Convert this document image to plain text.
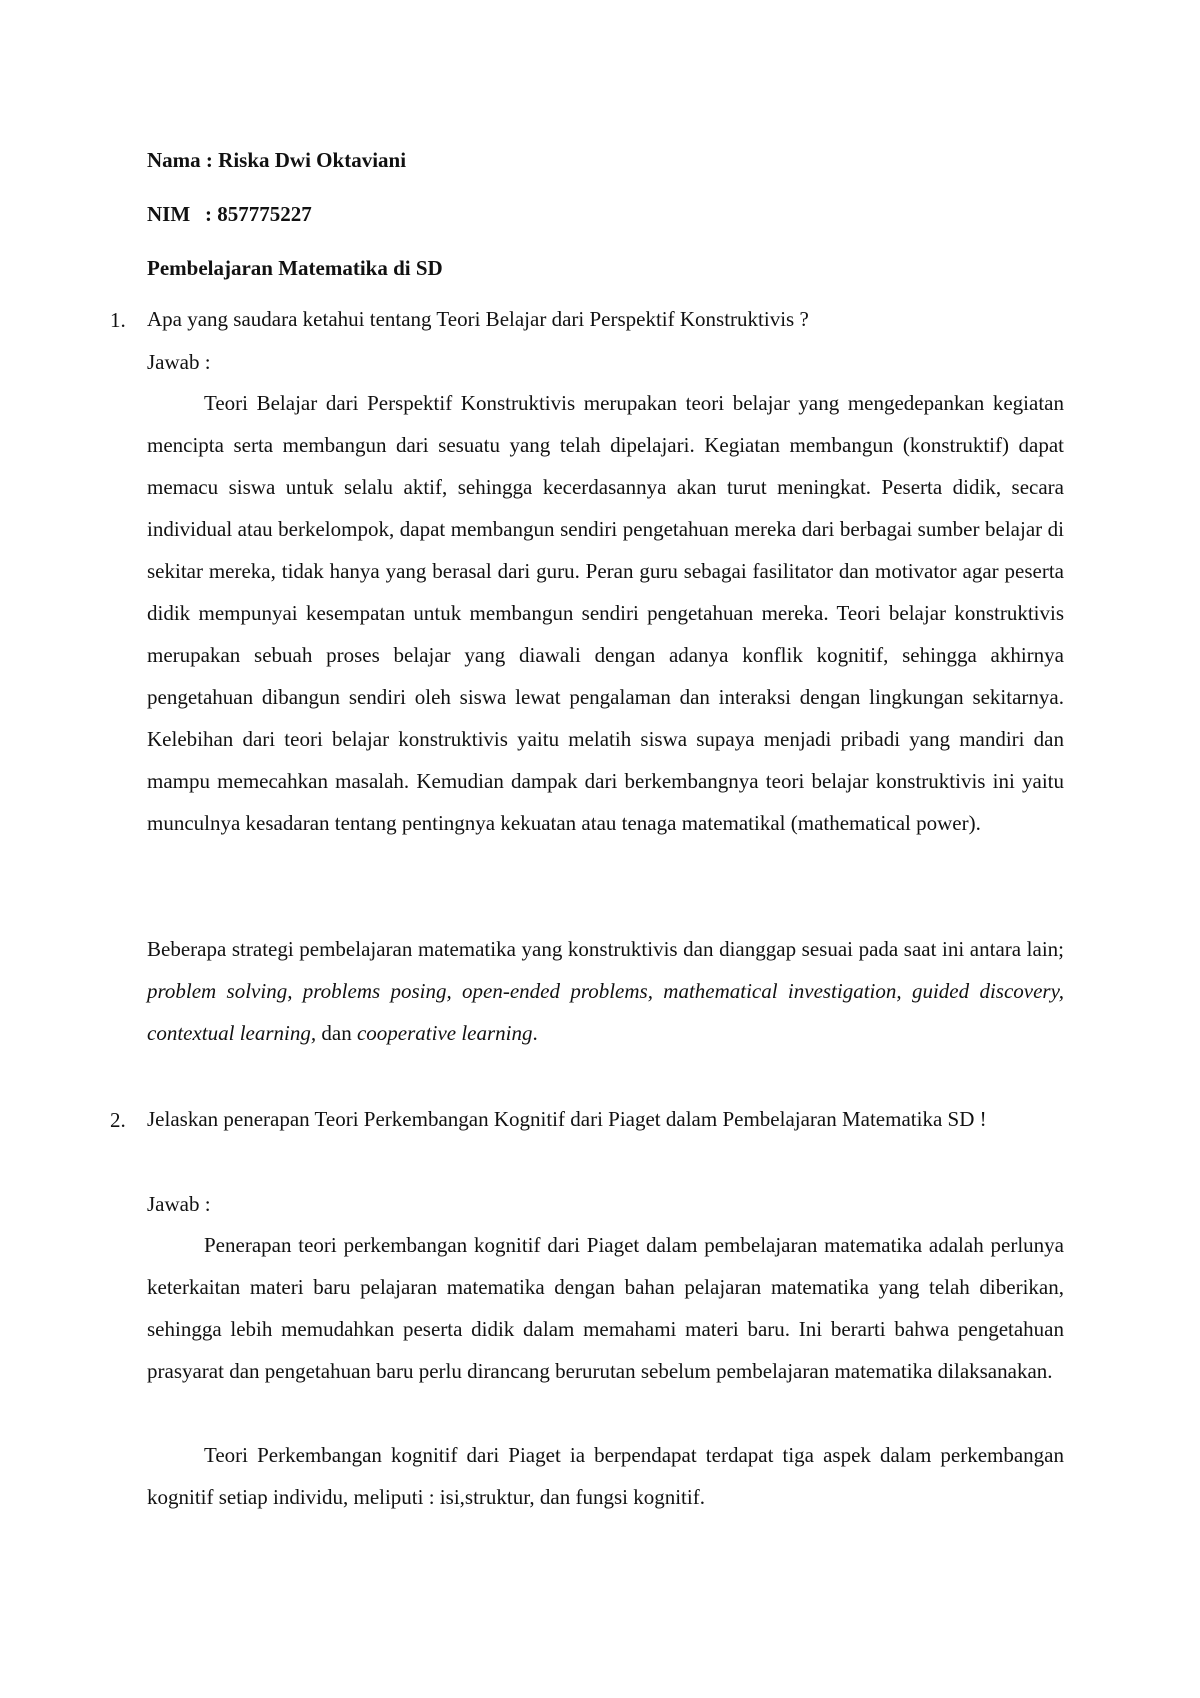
Nama : Riska Dwi Oktaviani
NIM : 857775227
Pembelajaran Matematika di SD
1. Apa yang saudara ketahui tentang Teori Belajar dari Perspektif Konstruktivis ?
Jawab :

Teori Belajar dari Perspektif Konstruktivis merupakan teori belajar yang mengedepankan kegiatan mencipta serta membangun dari sesuatu yang telah dipelajari. Kegiatan membangun (konstruktif) dapat memacu siswa untuk selalu aktif, sehingga kecerdasannya akan turut meningkat. Peserta didik, secara individual atau berkelompok, dapat membangun sendiri pengetahuan mereka dari berbagai sumber belajar di sekitar mereka, tidak hanya yang berasal dari guru. Peran guru sebagai fasilitator dan motivator agar peserta didik mempunyai kesempatan untuk membangun sendiri pengetahuan mereka. Teori belajar konstruktivis merupakan sebuah proses belajar yang diawali dengan adanya konflik kognitif, sehingga akhirnya pengetahuan dibangun sendiri oleh siswa lewat pengalaman dan interaksi dengan lingkungan sekitarnya. Kelebihan dari teori belajar konstruktivis yaitu melatih siswa supaya menjadi pribadi yang mandiri dan mampu memecahkan masalah. Kemudian dampak dari berkembangnya teori belajar konstruktivis ini yaitu munculnya kesadaran tentang pentingnya kekuatan atau tenaga matematikal (mathematical power).

Beberapa strategi pembelajaran matematika yang konstruktivis dan dianggap sesuai pada saat ini antara lain; problem solving, problems posing, open-ended problems, mathematical investigation, guided discovery, contextual learning, dan cooperative learning.

2. Jelaskan penerapan Teori Perkembangan Kognitif dari Piaget dalam Pembelajaran Matematika SD !
Jawab :

Penerapan teori perkembangan kognitif dari Piaget dalam pembelajaran matematika adalah perlunya keterkaitan materi baru pelajaran matematika dengan bahan pelajaran matematika yang telah diberikan, sehingga lebih memudahkan peserta didik dalam memahami materi baru. Ini berarti bahwa pengetahuan prasyarat dan pengetahuan baru perlu dirancang berurutan sebelum pembelajaran matematika dilaksanakan.

Teori Perkembangan kognitif dari Piaget ia berpendapat terdapat tiga aspek dalam perkembangan kognitif setiap individu, meliputi : isi,struktur, dan fungsi kognitif.
